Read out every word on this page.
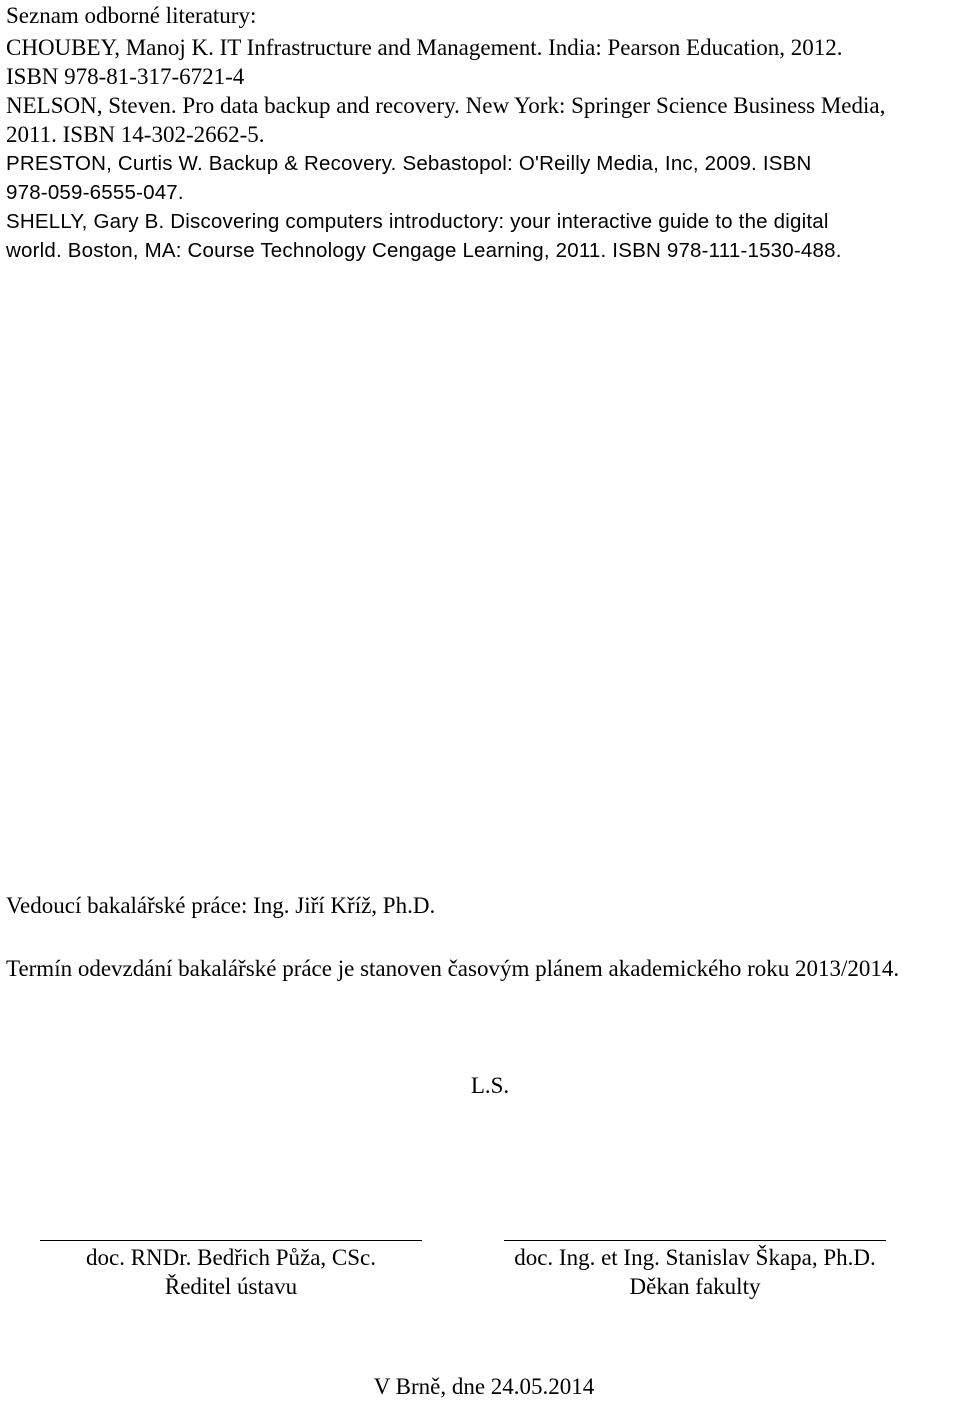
Seznam odborné literatury:
CHOUBEY, Manoj K. IT Infrastructure and Management. India: Pearson Education, 2012.
ISBN 978-81-317-6721-4
NELSON, Steven. Pro data backup and recovery. New York: Springer Science Business Media,
2011. ISBN 14-302-2662-5.
PRESTON, Curtis W. Backup & Recovery. Sebastopol: O'Reilly Media, Inc, 2009. ISBN
978-059-6555-047.
SHELLY, Gary B. Discovering computers introductory: your interactive guide to the digital
world. Boston, MA: Course Technology Cengage Learning, 2011. ISBN 978-111-1530-488.
Vedoucí bakalářské práce: Ing. Jiří Kříž, Ph.D.
Termín odevzdání bakalářské práce je stanoven časovým plánem akademického roku 2013/2014.
L.S.
doc. RNDr. Bedřich Půža, CSc.
Ředitel ústavu
doc. Ing. et Ing. Stanislav Škapa, Ph.D.
Děkan fakulty
V Brně, dne 24.05.2014
